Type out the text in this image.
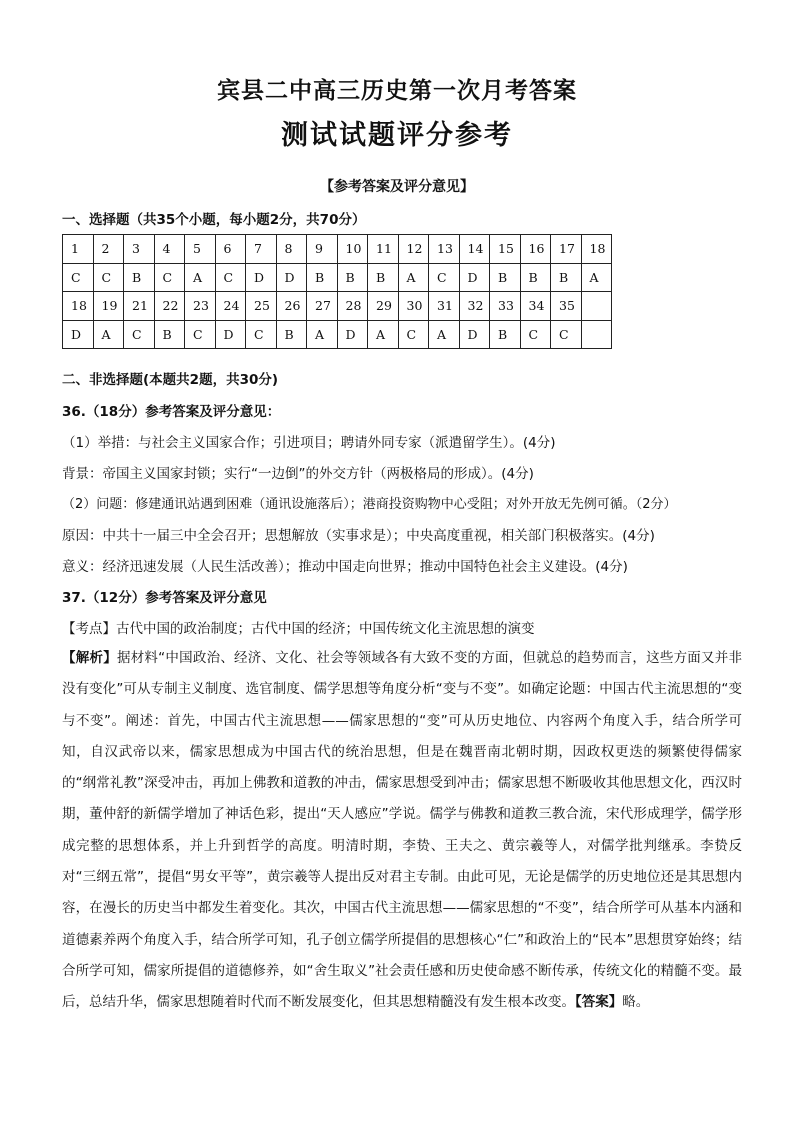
宾县二中高三历史第一次月考答案
测试试题评分参考
【参考答案及评分意见】
一、选择题（共35个小题，每小题2分，共70分）
1	2	3	4	5	6	7	8	9	10	11	12	13	14	15	16	17	18
C	C	B	C	A	C	D	D	B	B	B	A	C	D	B	B	B	A
18	19	21	22	23	24	25	26	27	28	29	30	31	32	33	34	35	
D	A	C	B	C	D	C	B	A	D	A	C	A	D	B	C	C	
二、非选择题(本题共2题，共30分)
36.（18分）参考答案及评分意见：
（1）举措：与社会主义国家合作；引进项目；聘请外同专家（派遣留学生）。(4分)
背景：帝国主义国家封锁；实行“一边倒”的外交方针（两极格局的形成）。(4分)
（2）问题：修建通讯站遇到困难（通讯设施落后）；港商投资购物中心受阻；对外开放无先例可循。（2分）
原因：中共十一届三中全会召开；思想解放（实事求是）；中央高度重视，相关部门积极落实。(4分)
意义：经济迅速发展（人民生活改善）；推动中国走向世界；推动中国特色社会主义建设。(4分)
37.（12分）参考答案及评分意见
【考点】古代中国的政治制度；古代中国的经济；中国传统文化主流思想的演变
【解析】据材料“中国政治、经济、文化、社会等领域各有大致不变的方面，但就总的趋势而言，这些方面又并非没有变化”可从专制主义制度、选官制度、儒学思想等角度分析“变与不变”。如确定论题：中国古代主流思想的“变与不变”。阐述：首先，中国古代主流思想——儒家思想的“变”可从历史地位、内容两个角度入手，结合所学可知，自汉武帝以来，儒家思想成为中国古代的统治思想，但是在魏晋南北朝时期，因政权更迭的频繁使得儒家的“纲常礼教”深受冲击，再加上佛教和道教的冲击，儒家思想受到冲击；儒家思想不断吸收其他思想文化，西汉时期，董仲舒的新儒学增加了神话色彩，提出“天人感应”学说。儒学与佛教和道教三教合流，宋代形成理学，儒学形成完整的思想体系，并上升到哲学的高度。明清时期，李贽、王夫之、黄宗羲等人，对儒学批判继承。李贽反对“三纲五常”，提倡“男女平等”，黄宗羲等人提出反对君主专制。由此可见，无论是儒学的历史地位还是其思想内容，在漫长的历史当中都发生着变化。其次，中国古代主流思想——儒家思想的“不变”，结合所学可从基本内涵和道德素养两个角度入手，结合所学可知，孔子创立儒学所提倡的思想核心“仁”和政治上的“民本”思想贯穿始终；结合所学可知，儒家所提倡的道德修养，如“舍生取义”社会责任感和历史使命感不断传承，传统文化的精髓不变。最后，总结升华，儒家思想随着时代而不断发展变化，但其思想精髓没有发生根本改变。【答案】略。
